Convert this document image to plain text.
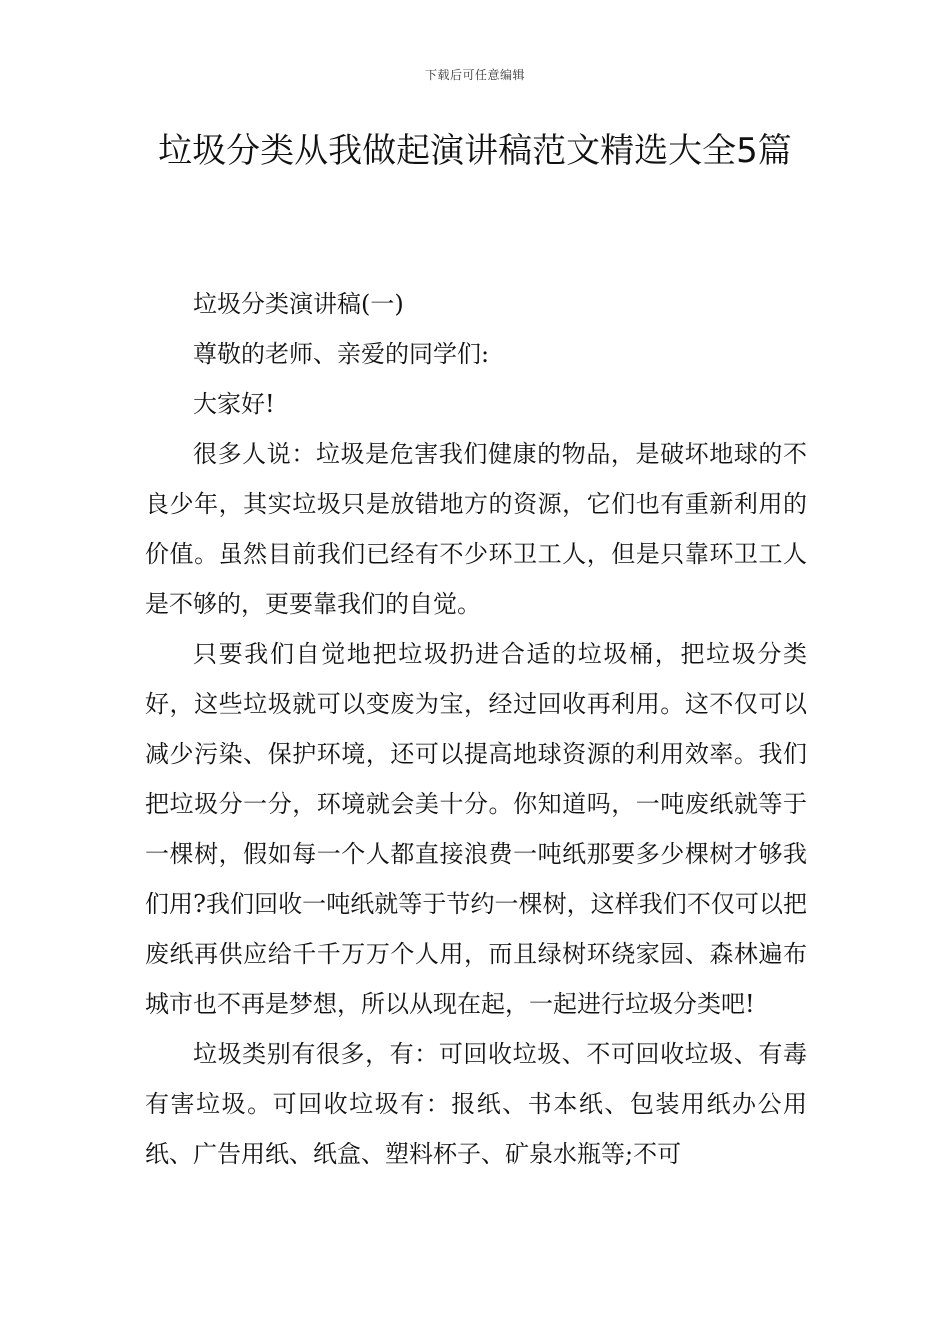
下载后可任意编辑
垃圾分类从我做起演讲稿范文精选大全5篇

垃圾分类演讲稿(一)

尊敬的老师、亲爱的同学们:

大家好!

很多人说：垃圾是危害我们健康的物品，是破坏地球的不良少年，其实垃圾只是放错地方的资源，它们也有重新利用的价值。虽然目前我们已经有不少环卫工人，但是只靠环卫工人是不够的，更要靠我们的自觉。

只要我们自觉地把垃圾扔进合适的垃圾桶，把垃圾分类好，这些垃圾就可以变废为宝，经过回收再利用。这不仅可以减少污染、保护环境，还可以提高地球资源的利用效率。我们把垃圾分一分，环境就会美十分。你知道吗，一吨废纸就等于一棵树，假如每一个人都直接浪费一吨纸那要多少棵树才够我们用?我们回收一吨纸就等于节约一棵树，这样我们不仅可以把废纸再供应给千千万万个人用，而且绿树环绕家园、森林遍布城市也不再是梦想，所以从现在起，一起进行垃圾分类吧!

垃圾类别有很多，有：可回收垃圾、不可回收垃圾、有毒有害垃圾。可回收垃圾有：报纸、书本纸、包装用纸办公用纸、广告用纸、纸盒、塑料杯子、矿泉水瓶等;不可
